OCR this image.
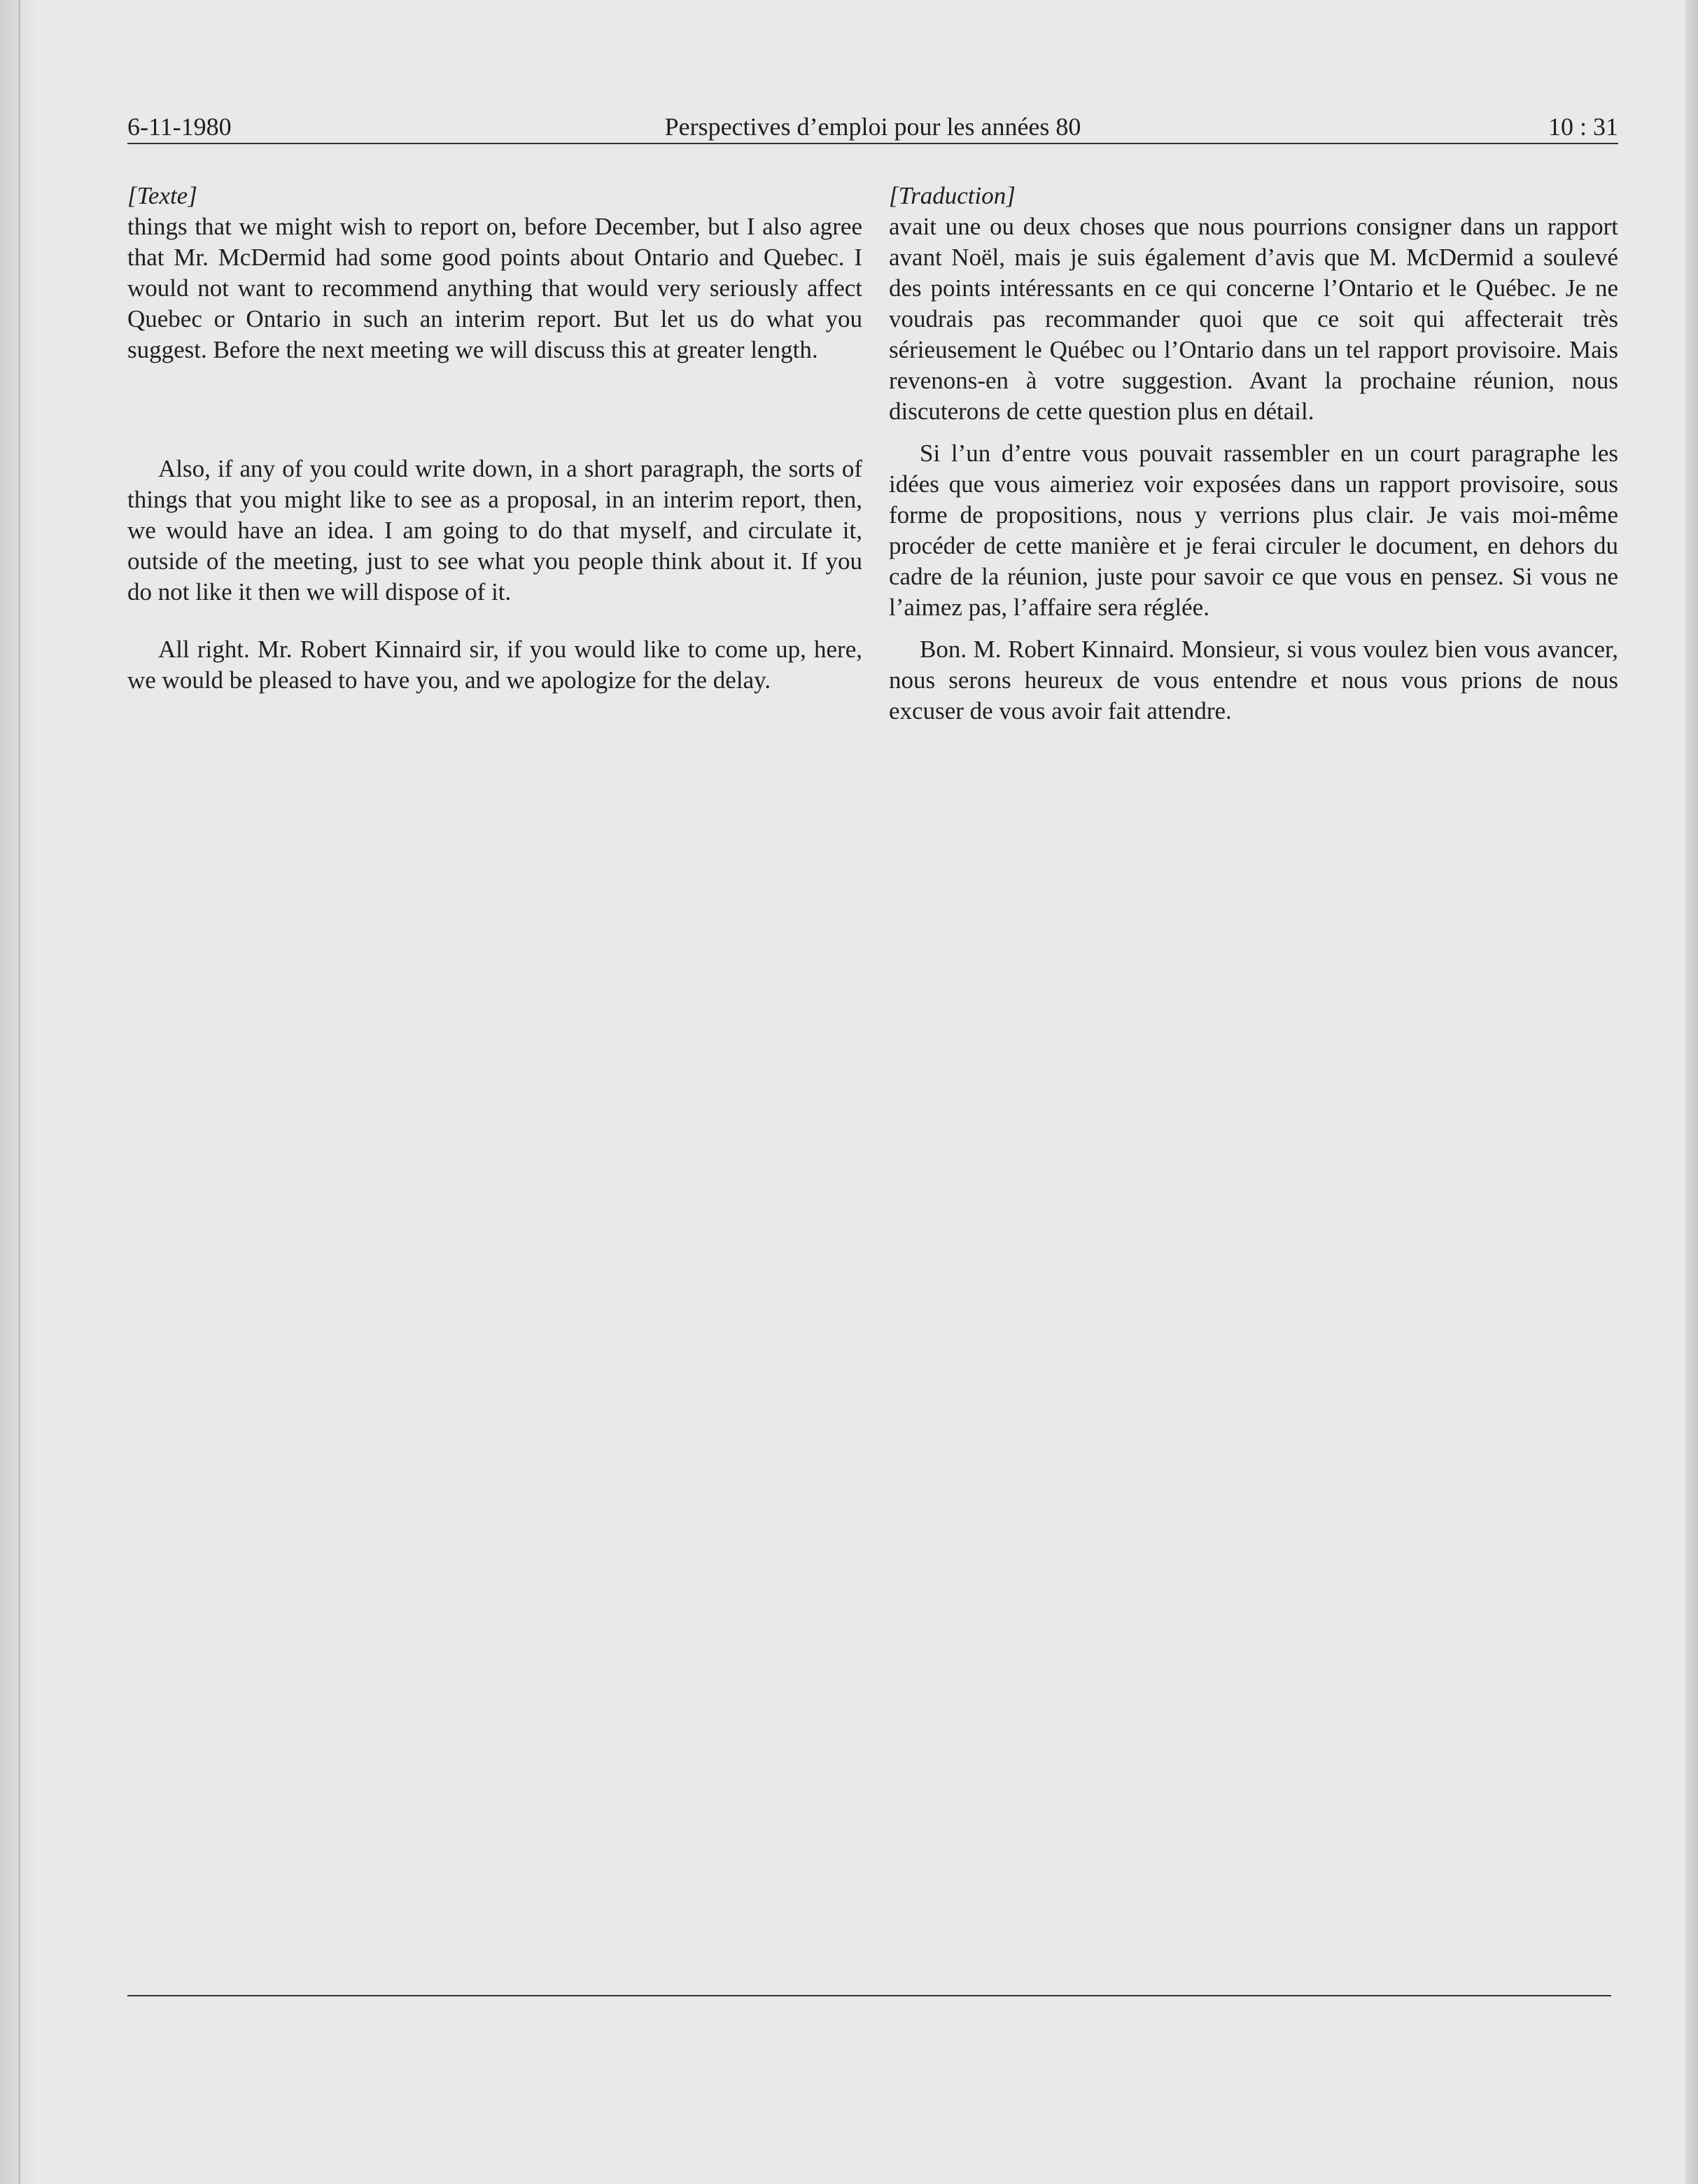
6-11-1980	Perspectives d’emploi pour les années 80	10 : 31

[Texte]

things that we might wish to report on, before December, but I also agree that Mr. McDermid had some good points about Ontario and Quebec. I would not want to recommend anything that would very seriously affect Quebec or Ontario in such an interim report. But let us do what you suggest. Before the next meeting we will discuss this at greater length.

Also, if any of you could write down, in a short paragraph, the sorts of things that you might like to see as a proposal, in an interim report, then, we would have an idea. I am going to do that myself, and circulate it, outside of the meeting, just to see what you people think about it. If you do not like it then we will dispose of it.

All right. Mr. Robert Kinnaird sir, if you would like to come up, here, we would be pleased to have you, and we apologize for the delay.

[Traduction]

avait une ou deux choses que nous pourrions consigner dans un rapport avant Noël, mais je suis également d’avis que M. McDermid a soulevé des points intéressants en ce qui concerne l’Ontario et le Québec. Je ne voudrais pas recommander quoi que ce soit qui affecterait très sérieusement le Québec ou l’Ontario dans un tel rapport provisoire. Mais revenons-en à votre suggestion. Avant la prochaine réunion, nous discuterons de cette question plus en détail.

Si l’un d’entre vous pouvait rassembler en un court paragraphe les idées que vous aimeriez voir exposées dans un rapport provisoire, sous forme de propositions, nous y verrions plus clair. Je vais moi-même procéder de cette manière et je ferai circuler le document, en dehors du cadre de la réunion, juste pour savoir ce que vous en pensez. Si vous ne l’aimez pas, l’affaire sera réglée.

Bon. M. Robert Kinnaird. Monsieur, si vous voulez bien vous avancer, nous serons heureux de vous entendre et nous vous prions de nous excuser de vous avoir fait attendre.
